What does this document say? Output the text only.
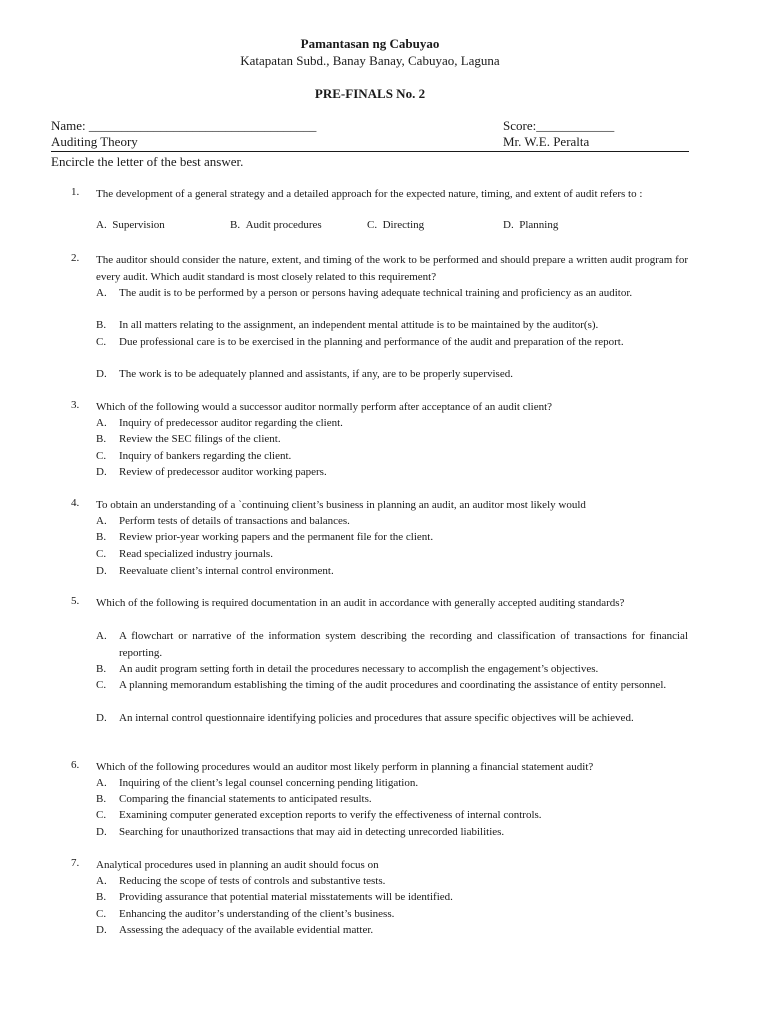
Pamantasan ng Cabuyao
Katapatan Subd., Banay Banay, Cabuyao, Laguna
PRE-FINALS No. 2
Name: ___________________________________	Score:____________
Auditing Theory	Mr. W.E. Peralta
Encircle the letter of the best answer.
1. The development of a general strategy and a detailed approach for the expected nature, timing, and extent of audit refers to :
A. Supervision	B. Audit procedures	C. Directing	D. Planning
2. The auditor should consider the nature, extent, and timing of the work to be performed and should prepare a written audit program for every audit. Which audit standard is most closely related to this requirement?
A. The audit is to be performed by a person or persons having adequate technical training and proficiency as an auditor.
B. In all matters relating to the assignment, an independent mental attitude is to be maintained by the auditor(s).
C. Due professional care is to be exercised in the planning and performance of the audit and preparation of the report.
D. The work is to be adequately planned and assistants, if any, are to be properly supervised.
3. Which of the following would a successor auditor normally perform after acceptance of an audit client?
A. Inquiry of predecessor auditor regarding the client.
B. Review the SEC filings of the client.
C. Inquiry of bankers regarding the client.
D. Review of predecessor auditor working papers.
4. To obtain an understanding of a `continuing client’s business in planning an audit, an auditor most likely would
A. Perform tests of details of transactions and balances.
B. Review prior-year working papers and the permanent file for the client.
C. Read specialized industry journals.
D. Reevaluate client’s internal control environment.
5. Which of the following is required documentation in an audit in accordance with generally accepted auditing standards?
A. A flowchart or narrative of the information system describing the recording and classification of transactions for financial reporting.
B. An audit program setting forth in detail the procedures necessary to accomplish the engagement’s objectives.
C. A planning memorandum establishing the timing of the audit procedures and coordinating the assistance of entity personnel.
D. An internal control questionnaire identifying policies and procedures that assure specific objectives will be achieved.
6. Which of the following procedures would an auditor most likely perform in planning a financial statement audit?
A. Inquiring of the client’s legal counsel concerning pending litigation.
B. Comparing the financial statements to anticipated results.
C. Examining computer generated exception reports to verify the effectiveness of internal controls.
D. Searching for unauthorized transactions that may aid in detecting unrecorded liabilities.
7. Analytical procedures used in planning an audit should focus on
A. Reducing the scope of tests of controls and substantive tests.
B. Providing assurance that potential material misstatements will be identified.
C. Enhancing the auditor’s understanding of the client’s business.
D. Assessing the adequacy of the available evidential matter.
